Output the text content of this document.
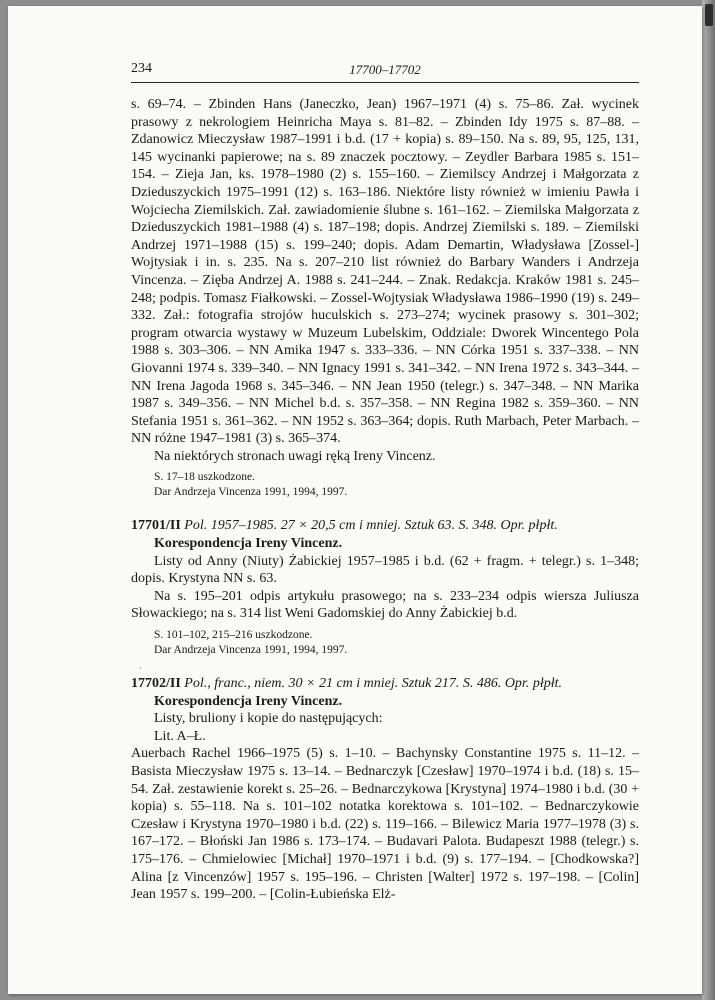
234	17700–17702

s. 69–74. – Zbinden Hans (Janeczko, Jean) 1967–1971 (4) s. 75–86. Zał. wycinek prasowy z nekrologiem Heinricha Maya s. 81–82. – Zbinden Idy 1975 s. 87–88. – Zdanowicz Mieczysław 1987–1991 i b.d. (17 + kopia) s. 89–150. Na s. 89, 95, 125, 131, 145 wycinanki papierowe; na s. 89 znaczek pocztowy. – Zeydler Barbara 1985 s. 151–154. – Zieja Jan, ks. 1978–1980 (2) s. 155–160. – Ziemilscy Andrzej i Małgorzata z Dzieduszyckich 1975–1991 (12) s. 163–186. Niektóre listy również w imieniu Pawła i Wojciecha Ziemilskich. Zał. zawiadomienie ślubne s. 161–162. – Ziemilska Małgorzata z Dzieduszyckich 1981–1988 (4) s. 187–198; dopis. Andrzej Ziemilski s. 189. – Ziemilski Andrzej 1971–1988 (15) s. 199–240; dopis. Adam Demartin, Władysława [Zossel-] Wojtysiak i in. s. 235. Na s. 207–210 list również do Barbary Wanders i Andrzeja Vincenza. – Zięba Andrzej A. 1988 s. 241–244. – Znak. Redakcja. Kraków 1981 s. 245–248; podpis. Tomasz Fiałkowski. – Zossel-Wojtysiak Władysława 1986–1990 (19) s. 249–332. Zał.: fotografia strojów huculskich s. 273–274; wycinek prasowy s. 301–302; program otwarcia wystawy w Muzeum Lubelskim, Oddziale: Dworek Wincentego Pola 1988 s. 303–306. – NN Amika 1947 s. 333–336. – NN Córka 1951 s. 337–338. – NN Giovanni 1974 s. 339–340. – NN Ignacy 1991 s. 341–342. – NN Irena 1972 s. 343–344. – NN Irena Jagoda 1968 s. 345–346. – NN Jean 1950 (telegr.) s. 347–348. – NN Marika 1987 s. 349–356. – NN Michel b.d. s. 357–358. – NN Regina 1982 s. 359–360. – NN Stefania 1951 s. 361–362. – NN 1952 s. 363–364; dopis. Ruth Marbach, Peter Marbach. – NN różne 1947–1981 (3) s. 365–374.

Na niektórych stronach uwagi ręką Ireny Vincenz.

S. 17–18 uszkodzone.

Dar Andrzeja Vincenza 1991, 1994, 1997.

17701/II Pol. 1957–1985. 27 × 20,5 cm i mniej. Sztuk 63. S. 348. Opr. płpłt.

Korespondencja Ireny Vincenz.

Listy od Anny (Niuty) Żabickiej 1957–1985 i b.d. (62 + fragm. + telegr.) s. 1–348; dopis. Krystyna NN s. 63.

Na s. 195–201 odpis artykułu prasowego; na s. 233–234 odpis wiersza Juliusza Słowackiego; na s. 314 list Weni Gadomskiej do Anny Żabickiej b.d.

S. 101–102, 215–216 uszkodzone.

Dar Andrzeja Vincenza 1991, 1994, 1997.

17702/II Pol., franc., niem. 30 × 21 cm i mniej. Sztuk 217. S. 486. Opr. płpłt.

Korespondencja Ireny Vincenz.

Listy, bruliony i kopie do następujących:

Lit. A–Ł.

Auerbach Rachel 1966–1975 (5) s. 1–10. – Bachynsky Constantine 1975 s. 11–12. – Basista Mieczysław 1975 s. 13–14. – Bednarczyk [Czesław] 1970–1974 i b.d. (18) s. 15–54. Zał. zestawienie korekt s. 25–26. – Bednarczykowa [Krystyna] 1974–1980 i b.d. (30 + kopia) s. 55–118. Na s. 101–102 notatka korektowa s. 101–102. – Bednarczykowie Czesław i Krystyna 1970–1980 i b.d. (22) s. 119–166. – Bilewicz Maria 1977–1978 (3) s. 167–172. – Błoński Jan 1986 s. 173–174. – Budavari Palota. Budapeszt 1988 (telegr.) s. 175–176. – Chmielowiec [Michał] 1970–1971 i b.d. (9) s. 177–194. – [Chodkowska?] Alina [z Vincenzów] 1957 s. 195–196. – Christen [Walter] 1972 s. 197–198. – [Colin] Jean 1957 s. 199–200. – [Colin-Łubieńska Elż-

'
